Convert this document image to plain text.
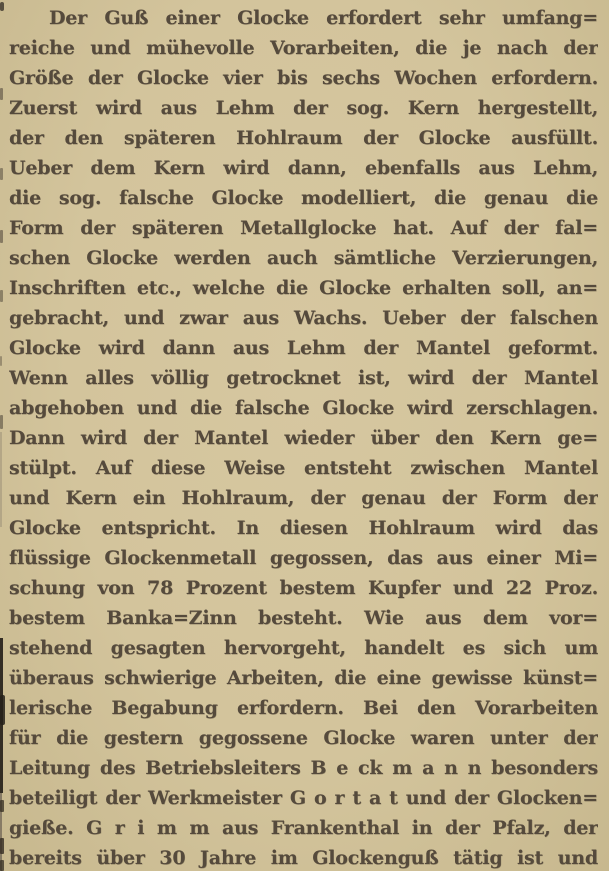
Der Guß einer Glocke erfordert sehr umfang=
reiche und mühevolle Vorarbeiten, die je nach der
Größe der Glocke vier bis sechs Wochen erfordern.
Zuerst wird aus Lehm der sog. Kern hergestellt,
der den späteren Hohlraum der Glocke ausfüllt.
Ueber dem Kern wird dann, ebenfalls aus Lehm,
die sog. falsche Glocke modelliert, die genau die
Form der späteren Metallglocke hat. Auf der fal=
schen Glocke werden auch sämtliche Verzierungen,
Inschriften etc., welche die Glocke erhalten soll, an=
gebracht, und zwar aus Wachs. Ueber der falschen
Glocke wird dann aus Lehm der Mantel geformt.
Wenn alles völlig getrocknet ist, wird der Mantel
abgehoben und die falsche Glocke wird zerschlagen.
Dann wird der Mantel wieder über den Kern ge=
stülpt. Auf diese Weise entsteht zwischen Mantel
und Kern ein Hohlraum, der genau der Form der
Glocke entspricht. In diesen Hohlraum wird das
flüssige Glockenmetall gegossen, das aus einer Mi=
schung von 78 Prozent bestem Kupfer und 22 Proz.
bestem Banka=Zinn besteht. Wie aus dem vor=
stehend gesagten hervorgeht, handelt es sich um
überaus schwierige Arbeiten, die eine gewisse künst=
lerische Begabung erfordern. Bei den Vorarbeiten
für die gestern gegossene Glocke waren unter der
Leitung des Betriebsleiters B e ck m a n n besonders
beteiligt der Werkmeister G o r t a t und der Glocken=
gieße. G r i m m aus Frankenthal in der Pfalz, der
bereits über 30 Jahre im Glockenguß tätig ist und
